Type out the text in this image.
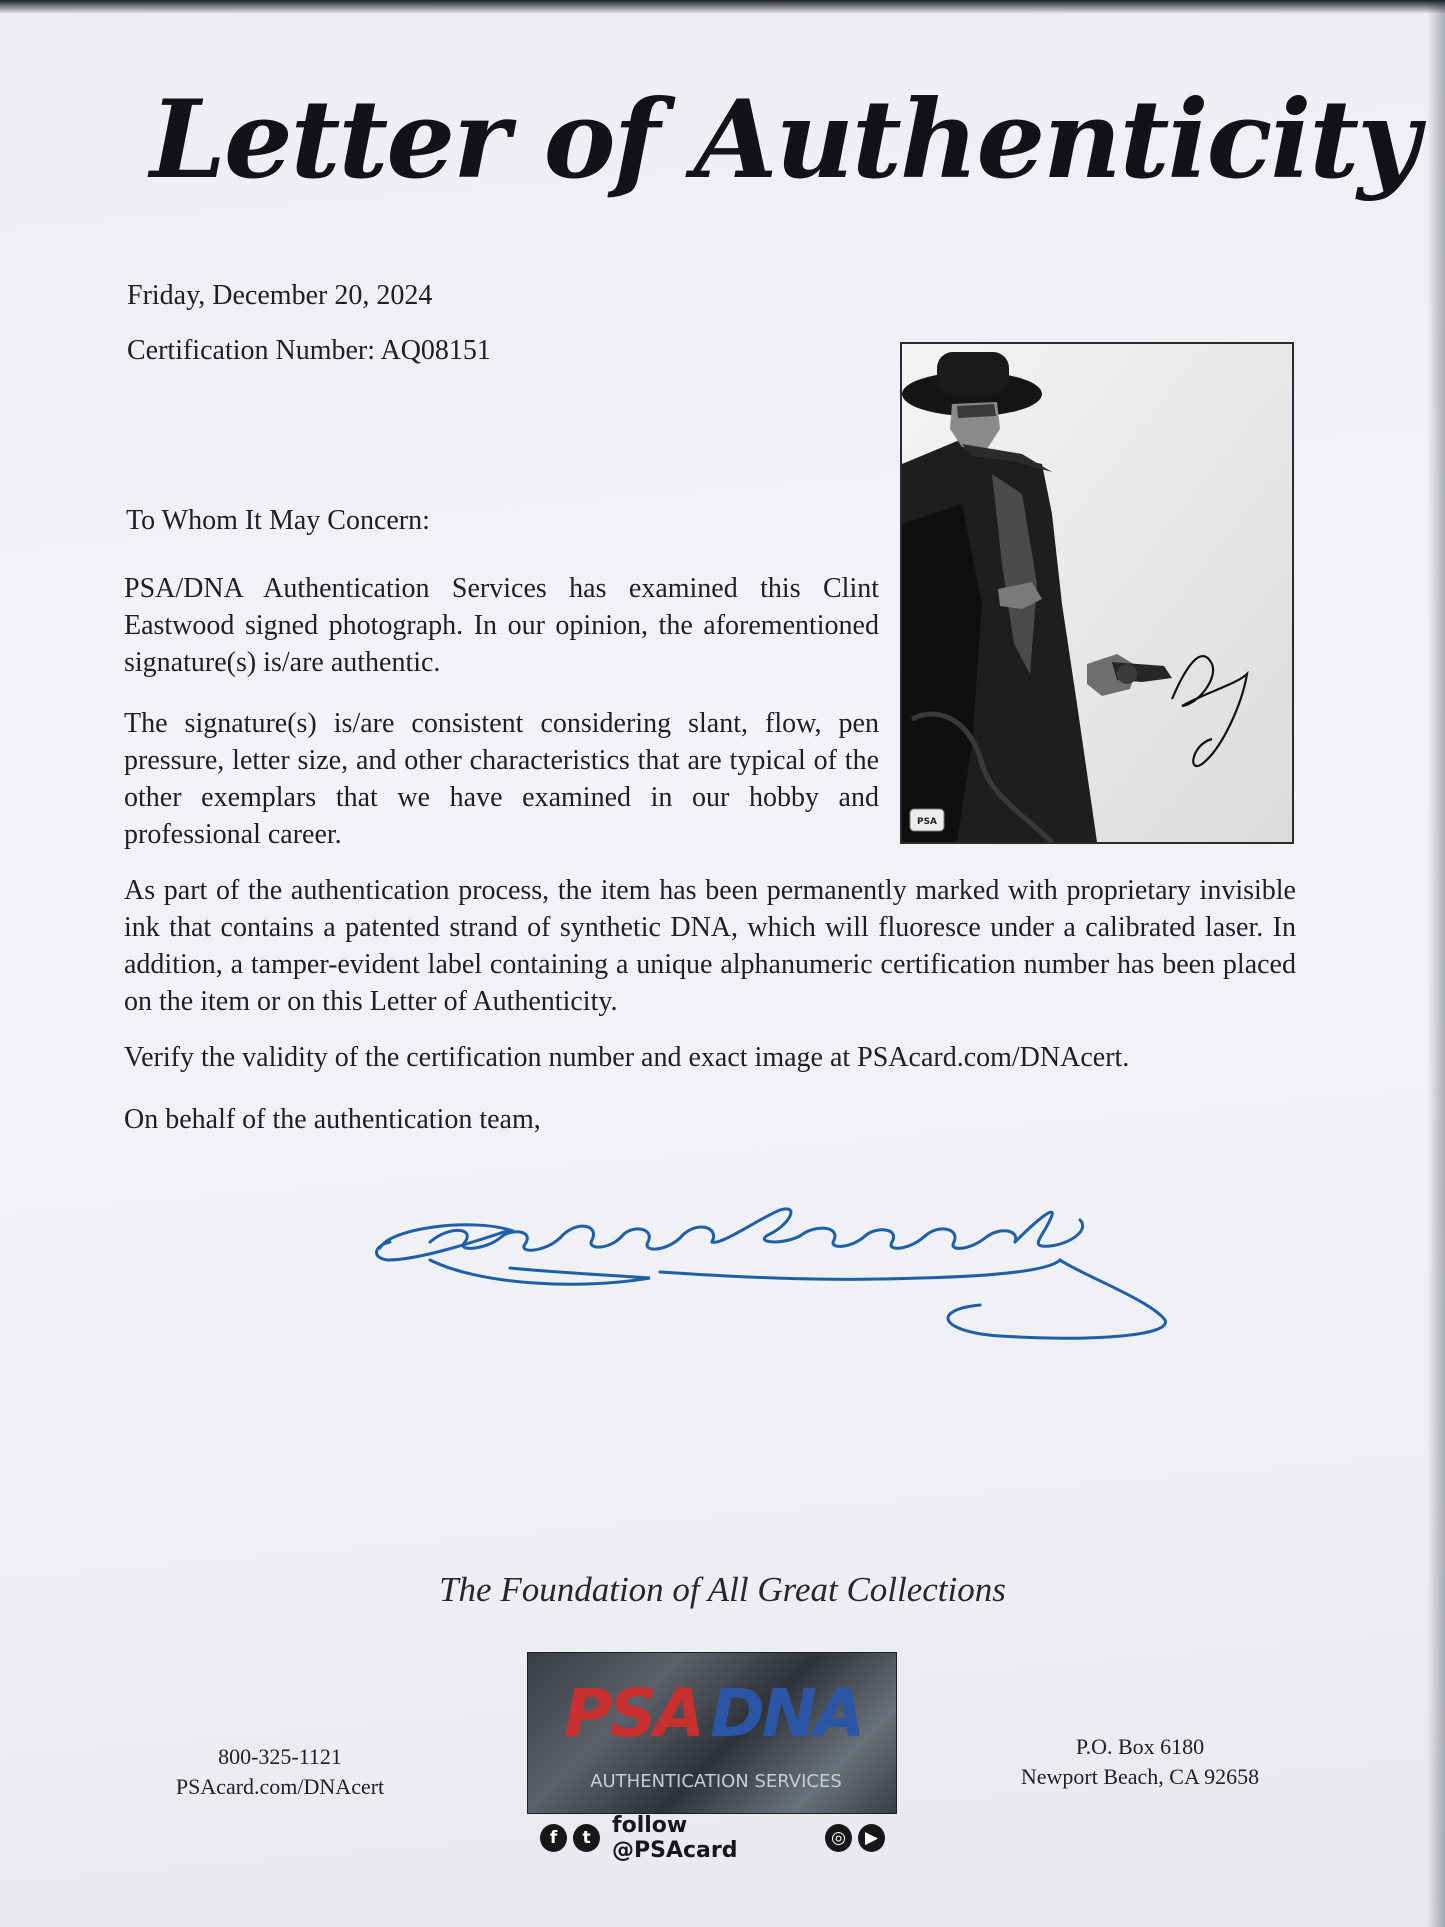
Letter of Authenticity
Friday, December 20, 2024
Certification Number: AQ08151
To Whom It May Concern:
PSA/DNA Authentication Services has examined this Clint Eastwood signed photograph. In our opinion, the aforementioned signature(s) is/are authentic.
The signature(s) is/are consistent considering slant, flow, pen pressure, letter size, and other characteristics that are typical of the other exemplars that we have examined in our hobby and professional career.
As part of the authentication process, the item has been permanently marked with proprietary invisible ink that contains a patented strand of synthetic DNA, which will fluoresce under a calibrated laser. In addition, a tamper-evident label containing a unique alphanumeric certification number has been placed on the item or on this Letter of Authenticity.
Verify the validity of the certification number and exact image at PSAcard.com/DNAcert.
On behalf of the authentication team,
PSA
The Foundation of All Great Collections
800-325-1121
PSAcard.com/DNAcert
P.O. Box 6180
Newport Beach, CA 92658
PSA DNA
AUTHENTICATION SERVICES
f	t follow @PSAcard	◎	▶
